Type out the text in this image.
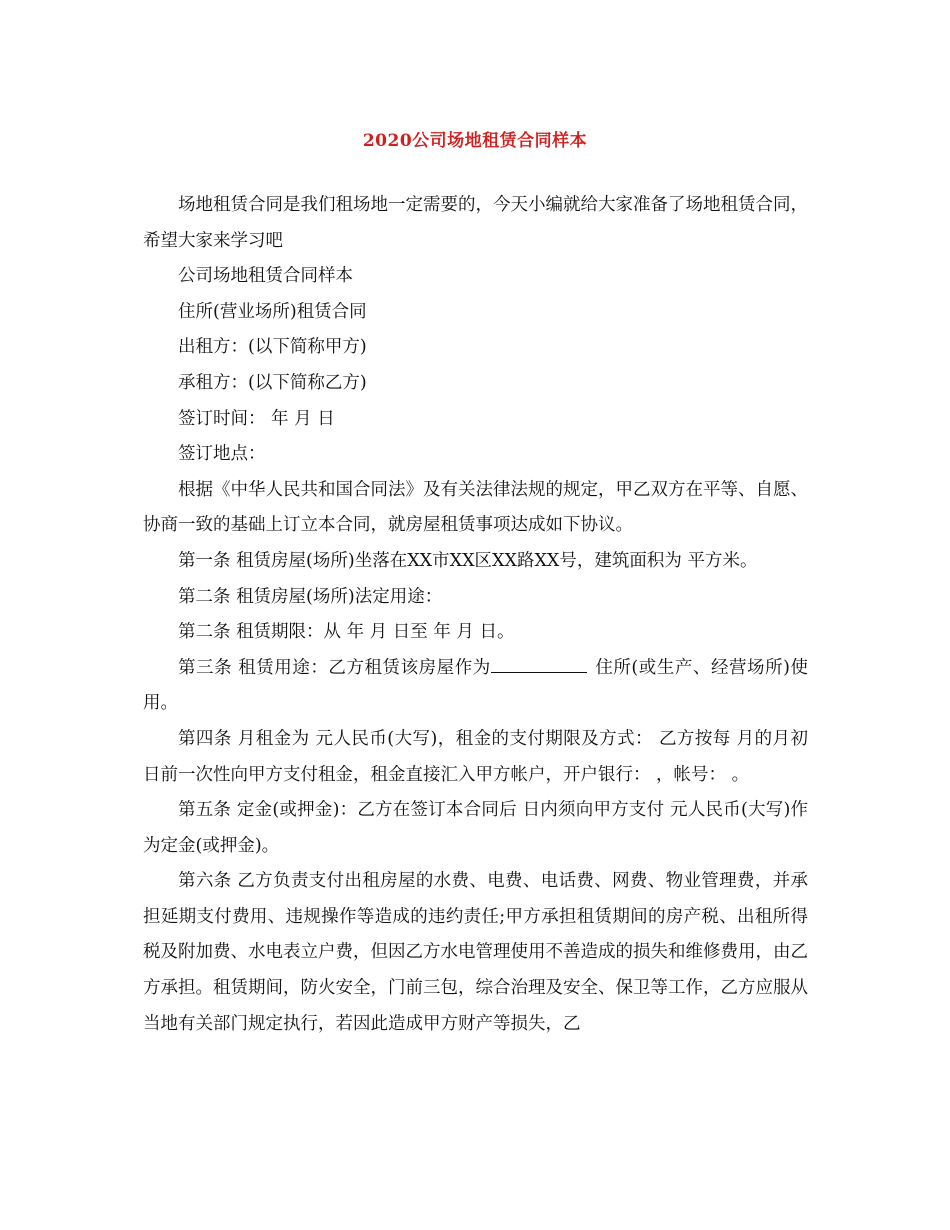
2020公司场地租赁合同样本

场地租赁合同是我们租场地一定需要的，今天小编就给大家准备了场地租赁合同，希望大家来学习吧

公司场地租赁合同样本

住所(营业场所)租赁合同

出租方：(以下简称甲方)

承租方：(以下简称乙方)

签订时间： 年 月 日

签订地点：

根据《中华人民共和国合同法》及有关法律法规的规定，甲乙双方在平等、自愿、协商一致的基础上订立本合同，就房屋租赁事项达成如下协议。

第一条 租赁房屋(场所)坐落在XX市XX区XX路XX号，建筑面积为 平方米。

第二条 租赁房屋(场所)法定用途：

第二条 租赁期限：从 年 月 日至 年 月 日。

第三条 租赁用途：乙方租赁该房屋作为	住所(或生产、经营场所)使用。

第四条 月租金为 元人民币(大写)，租金的支付期限及方式： 乙方按每 月的月初 日前一次性向甲方支付租金，租金直接汇入甲方帐户，开户银行： ，帐号： 。

第五条 定金(或押金)：乙方在签订本合同后 日内须向甲方支付 元人民币(大写)作为定金(或押金)。

第六条 乙方负责支付出租房屋的水费、电费、电话费、网费、物业管理费，并承担延期支付费用、违规操作等造成的违约责任;甲方承担租赁期间的房产税、出租所得税及附加费、水电表立户费，但因乙方水电管理使用不善造成的损失和维修费用，由乙方承担。租赁期间，防火安全，门前三包，综合治理及安全、保卫等工作，乙方应服从当地有关部门规定执行，若因此造成甲方财产等损失，乙
